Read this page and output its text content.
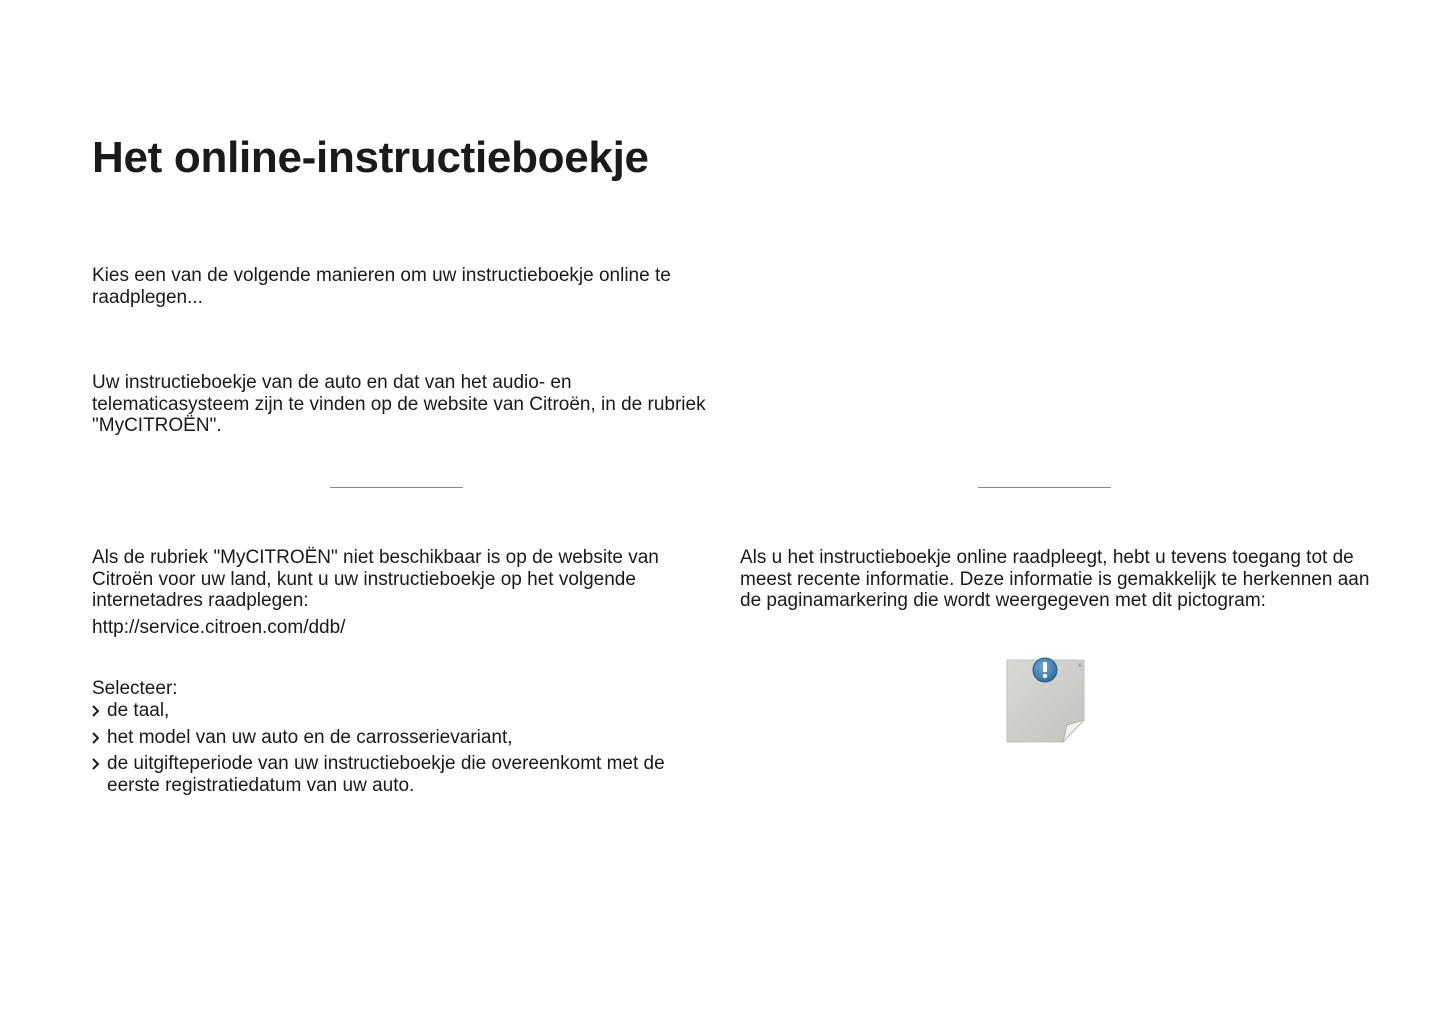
Het online-instructieboekje

Kies een van de volgende manieren om uw instructieboekje online te raadplegen...

Uw instructieboekje van de auto en dat van het audio- en telematicasysteem zijn te vinden op de website van Citroën, in de rubriek "MyCITROËN".

Als de rubriek "MyCITROËN" niet beschikbaar is op de website van Citroën voor uw land, kunt u uw instructieboekje op het volgende internetadres raadplegen:

http://service.citroen.com/ddb/

Selecteer:

de taal,
het model van uw auto en de carrosserievariant,
de uitgifteperiode van uw instructieboekje die overeenkomt met de eerste registratiedatum van uw auto.

Als u het instructieboekje online raadpleegt, hebt u tevens toegang tot de meest recente informatie. Deze informatie is gemakkelijk te herkennen aan de paginamarkering die wordt weergegeven met dit pictogram:

x
